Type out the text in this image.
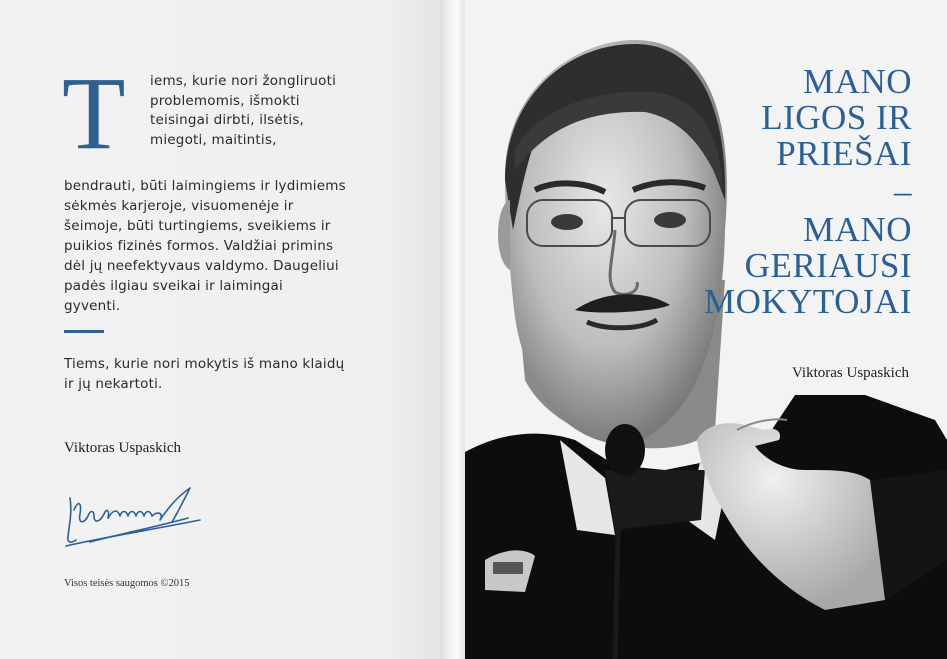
T iems, kurie nori žongliruoti
problemomis, išmokti
teisingai dirbti, ilsėtis,
miegoti, maitintis,
bendrauti, būti laimingiems ir lydimiems
sėkmės karjeroje, visuomenėje ir
šeimoje, būti turtingiems, sveikiems ir
puikios fizinės formos. Valdžiai primins
dėl jų neefektyvaus valdymo. Daugeliui
padės ilgiau sveikai ir laimingai
gyventi.
Tiems, kurie nori mokytis iš mano klaidų
ir jų nekartoti.
Viktoras Uspaskich
Visos teisės saugomos ©2015
MANO
LIGOS IR
PRIEŠAI
–
MANO
GERIAUSI
MOKYTOJAI
Viktoras Uspaskich
